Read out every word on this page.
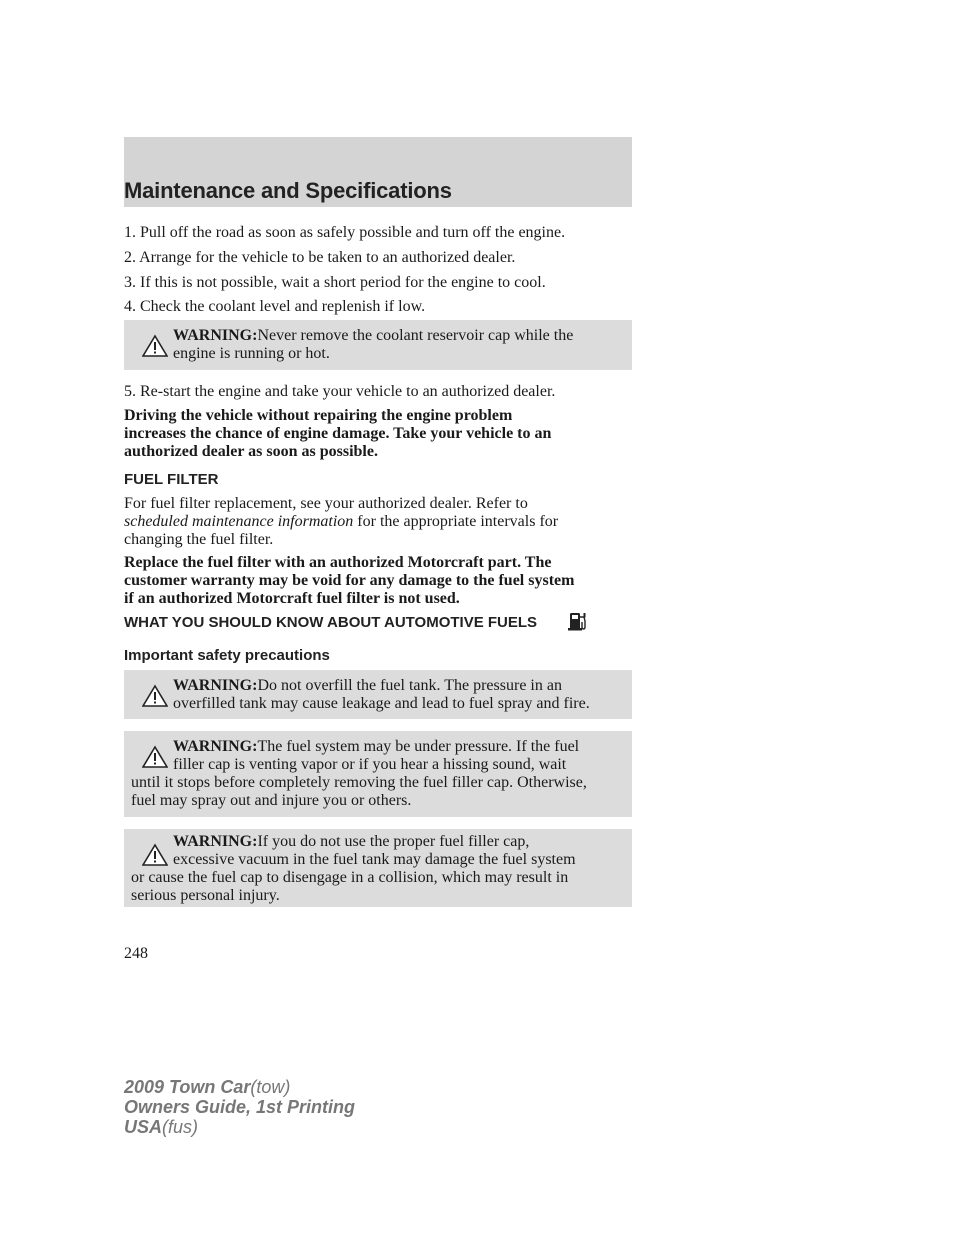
Maintenance and Specifications

1. Pull off the road as soon as safely possible and turn off the engine.

2. Arrange for the vehicle to be taken to an authorized dealer.

3. If this is not possible, wait a short period for the engine to cool.

4. Check the coolant level and replenish if low.

WARNING:Never remove the coolant reservoir cap while the
engine is running or hot.

5. Re-start the engine and take your vehicle to an authorized dealer.

Driving the vehicle without repairing the engine problem
increases the chance of engine damage. Take your vehicle to an
authorized dealer as soon as possible.
FUEL FILTER
For fuel filter replacement, see your authorized dealer. Refer to
scheduled maintenance information for the appropriate intervals for
changing the fuel filter.
Replace the fuel filter with an authorized Motorcraft part. The
customer warranty may be void for any damage to the fuel system
if an authorized Motorcraft fuel filter is not used.
WHAT YOU SHOULD KNOW ABOUT AUTOMOTIVE FUELS
Important safety precautions
WARNING:Do not overfill the fuel tank. The pressure in an
overfilled tank may cause leakage and lead to fuel spray and fire.
WARNING:The fuel system may be under pressure. If the fuel
filler cap is venting vapor or if you hear a hissing sound, wait
until it stops before completely removing the fuel filler cap. Otherwise,
fuel may spray out and injure you or others.
WARNING:If you do not use the proper fuel filler cap,
excessive vacuum in the fuel tank may damage the fuel system
or cause the fuel cap to disengage in a collision, which may result in
serious personal injury.
248
2009 Town Car(tow)
Owners Guide, 1st Printing
USA(fus)
